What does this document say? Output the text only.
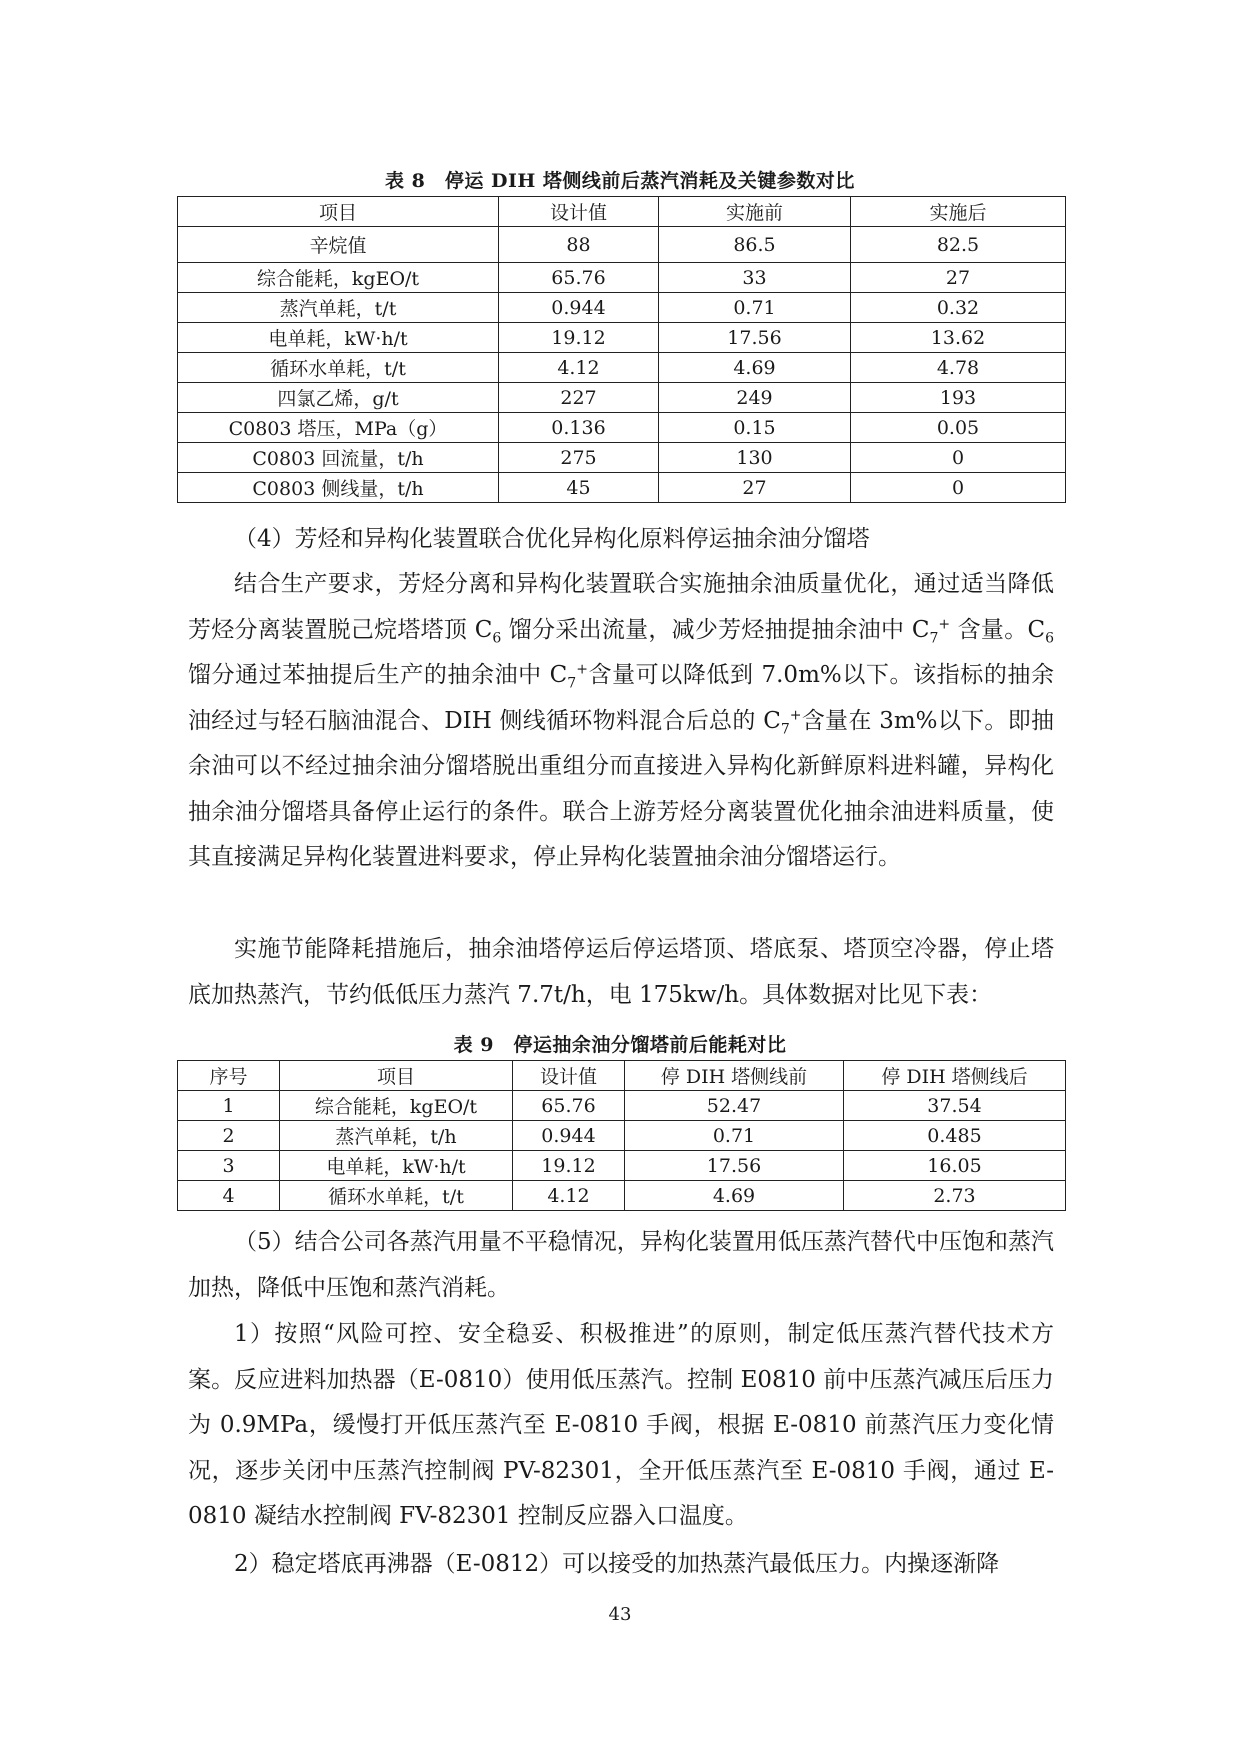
表 8　停运 DIH 塔侧线前后蒸汽消耗及关键参数对比
项目	设计值	实施前	实施后
辛烷值	88	86.5	82.5
综合能耗，kgEO/t	65.76	33	27
蒸汽单耗，t/t	0.944	0.71	0.32
电单耗，kW·h/t	19.12	17.56	13.62
循环水单耗，t/t	4.12	4.69	4.78
四氯乙烯，g/t	227	249	193
C0803 塔压，MPa（g）	0.136	0.15	0.05
C0803 回流量，t/h	275	130	0
C0803 侧线量，t/h	45	27	0

（4）芳烃和异构化装置联合优化异构化原料停运抽余油分馏塔

结合生产要求，芳烃分离和异构化装置联合实施抽余油质量优化，通过适当降低芳烃分离装置脱己烷塔塔顶 $C_6$ 馏分采出流量，减少芳烃抽提抽余油中 $C_7^+$ 含量。$C_6$ 馏分通过苯抽提后生产的抽余油中 $C_7^+$含量可以降低到 7.0m%以下。该指标的抽余油经过与轻石脑油混合、DIH 侧线循环物料混合后总的 $C_7^+$含量在 3m%以下。即抽余油可以不经过抽余油分馏塔脱出重组分而直接进入异构化新鲜原料进料罐，异构化抽余油分馏塔具备停止运行的条件。联合上游芳烃分离装置优化抽余油进料质量，使其直接满足异构化装置进料要求，停止异构化装置抽余油分馏塔运行。

实施节能降耗措施后，抽余油塔停运后停运塔顶、塔底泵、塔顶空冷器，停止塔底加热蒸汽，节约低低压力蒸汽 7.7t/h，电 175kw/h。具体数据对比见下表：

表 9　停运抽余油分馏塔前后能耗对比
序号	项目	设计值	停 DIH 塔侧线前	停 DIH 塔侧线后
1	综合能耗，kgEO/t	65.76	52.47	37.54
2	蒸汽单耗，t/h	0.944	0.71	0.485
3	电单耗，kW·h/t	19.12	17.56	16.05
4	循环水单耗，t/t	4.12	4.69	2.73

（5）结合公司各蒸汽用量不平稳情况，异构化装置用低压蒸汽替代中压饱和蒸汽加热，降低中压饱和蒸汽消耗。

1）按照“风险可控、安全稳妥、积极推进”的原则，制定低压蒸汽替代技术方案。反应进料加热器（E-0810）使用低压蒸汽。控制 E0810 前中压蒸汽减压后压力为 0.9MPa，缓慢打开低压蒸汽至 E-0810 手阀，根据 E-0810 前蒸汽压力变化情况，逐步关闭中压蒸汽控制阀 PV-82301，全开低压蒸汽至 E-0810 手阀，通过 E-0810 凝结水控制阀 FV-82301 控制反应器入口温度。

2）稳定塔底再沸器（E-0812）可以接受的加热蒸汽最低压力。内操逐渐降

43
